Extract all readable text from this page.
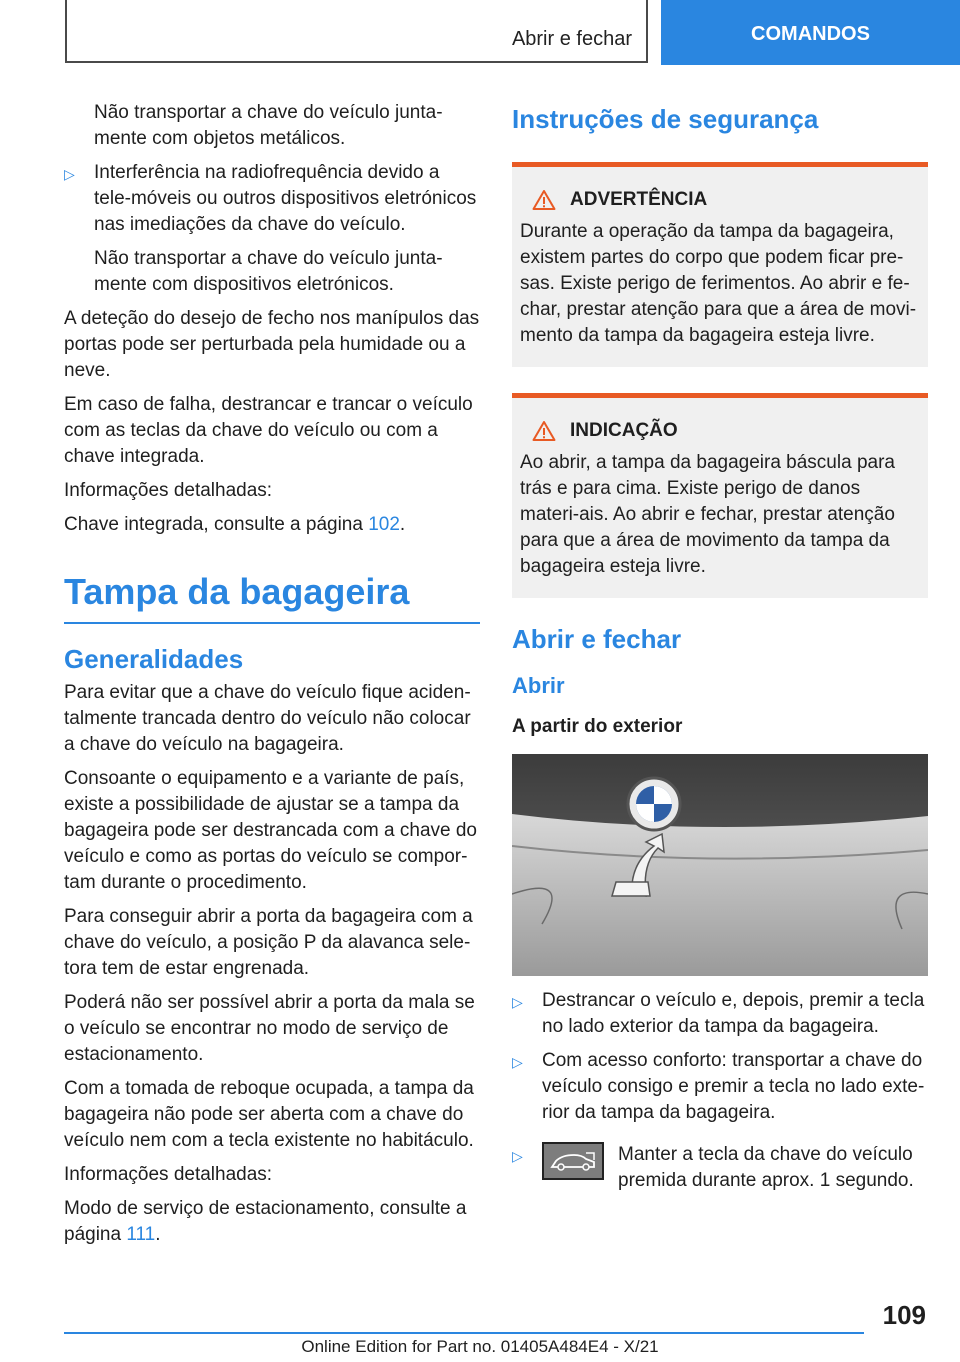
Abrir e fechar	COMANDOS

Não transportar a chave do veículo junta-mente com objetos metálicos.

▷	Interferência na radiofrequência devido a tele-móveis ou outros dispositivos eletrónicos nas imediações da chave do veículo.

Não transportar a chave do veículo junta-mente com dispositivos eletrónicos.

A deteção do desejo de fecho nos manípulos das portas pode ser perturbada pela humidade ou a neve.

Em caso de falha, destrancar e trancar o veículo com as teclas da chave do veículo ou com a chave integrada.

Informações detalhadas:

Chave integrada, consulte a página 102.

Tampa da bagageira
Generalidades

Para evitar que a chave do veículo fique aciden-talmente trancada dentro do veículo não colocar a chave do veículo na bagageira.

Consoante o equipamento e a variante de país, existe a possibilidade de ajustar se a tampa da bagageira pode ser destrancada com a chave do veículo e como as portas do veículo se compor-tam durante o procedimento.

Para conseguir abrir a porta da bagageira com a chave do veículo, a posição P da alavanca sele-tora tem de estar engrenada.

Poderá não ser possível abrir a porta da mala se o veículo se encontrar no modo de serviço de estacionamento.

Com a tomada de reboque ocupada, a tampa da bagageira não pode ser aberta com a chave do veículo nem com a tecla existente no habitáculo.

Informações detalhadas:

Modo de serviço de estacionamento, consulte a página 111.

Instruções de segurança
ADVERTÊNCIA
Durante a operação da tampa da bagageira, existem partes do corpo que podem ficar pre-sas. Existe perigo de ferimentos. Ao abrir e fe-char, prestar atenção para que a área de movi-mento da tampa da bagageira esteja livre.
INDICAÇÃO
Ao abrir, a tampa da bagageira báscula para trás e para cima. Existe perigo de danos materi-ais. Ao abrir e fechar, prestar atenção para que a área de movimento da tampa da bagageira esteja livre.
Abrir e fechar
Abrir
A partir do exterior
▷	Destrancar o veículo e, depois, premir a tecla no lado exterior da tampa da bagageira.
▷	Com acesso conforto: transportar a chave do veículo consigo e premir a tecla no lado exte-rior da tampa da bagageira.
▷	Manter a tecla da chave do veículo premida durante aprox. 1 segundo.
109
Online Edition for Part no. 01405A484E4 - X/21
